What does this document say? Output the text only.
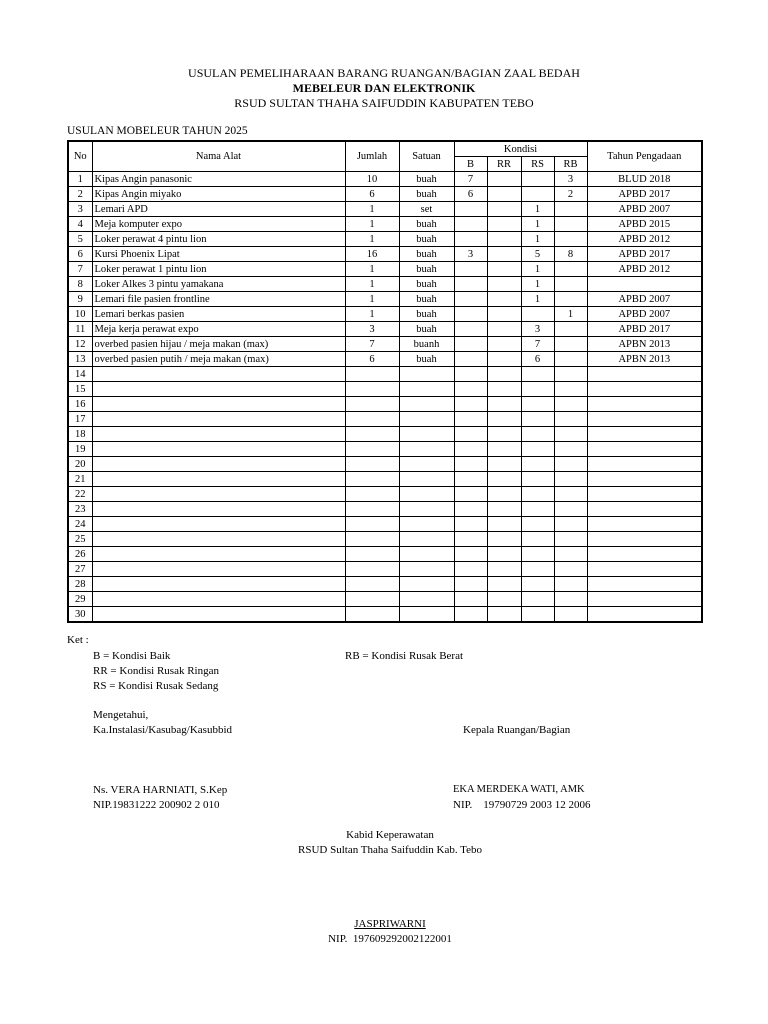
USULAN PEMELIHARAAN BARANG RUANGAN/BAGIAN ZAAL BEDAH
MEBELEUR DAN ELEKTRONIK
RSUD SULTAN THAHA SAIFUDDIN KABUPATEN TEBO
USULAN MOBELEUR TAHUN 2025
No	Nama Alat	Jumlah	Satuan	Kondisi				Tahun Pengadaan
				B	RR	RS	RB	
1	Kipas Angin panasonic	10	buah	7			3	BLUD 2018
2	Kipas Angin miyako	6	buah	6			2	APBD 2017
3	Lemari APD	1	set			1		APBD 2007
4	Meja komputer expo	1	buah			1		APBD 2015
5	Loker perawat 4 pintu lion	1	buah			1		APBD 2012
6	Kursi Phoenix Lipat	16	buah	3		5	8	APBD 2017
7	Loker perawat 1 pintu lion	1	buah			1		APBD 2012
8	Loker Alkes 3 pintu yamakana	1	buah			1		
9	Lemari file pasien frontline	1	buah			1		APBD 2007
10	Lemari berkas pasien	1	buah				1	APBD 2007
11	Meja kerja perawat expo	3	buah			3		APBD 2017
12	overbed pasien hijau / meja makan (max)	7	buanh			7		APBN 2013
13	overbed pasien putih / meja makan (max)	6	buah			6		APBN 2013
14								
15								
16								
17								
18								
19								
20								
21								
22								
23								
24								
25								
26								
27								
28								
29								
30								
Ket :
B = Kondisi Baik	RB = Kondisi Rusak Berat
RR = Kondisi Rusak Ringan
RS = Kondisi Rusak Sedang
Mengetahui,
Ka.Instalasi/Kasubag/Kasubbid	Kepala Ruangan/Bagian
Ns. VERA HARNIATI, S.Kep
NIP.19831222 200902 2 010
EKA MERDEKA WATI, AMK
NIP.    19790729 2003 12 2006
Kabid Keperawatan
RSUD Sultan Thaha Saifuddin Kab. Tebo
JASPRIWARNI
NIP.  197609292002122001
